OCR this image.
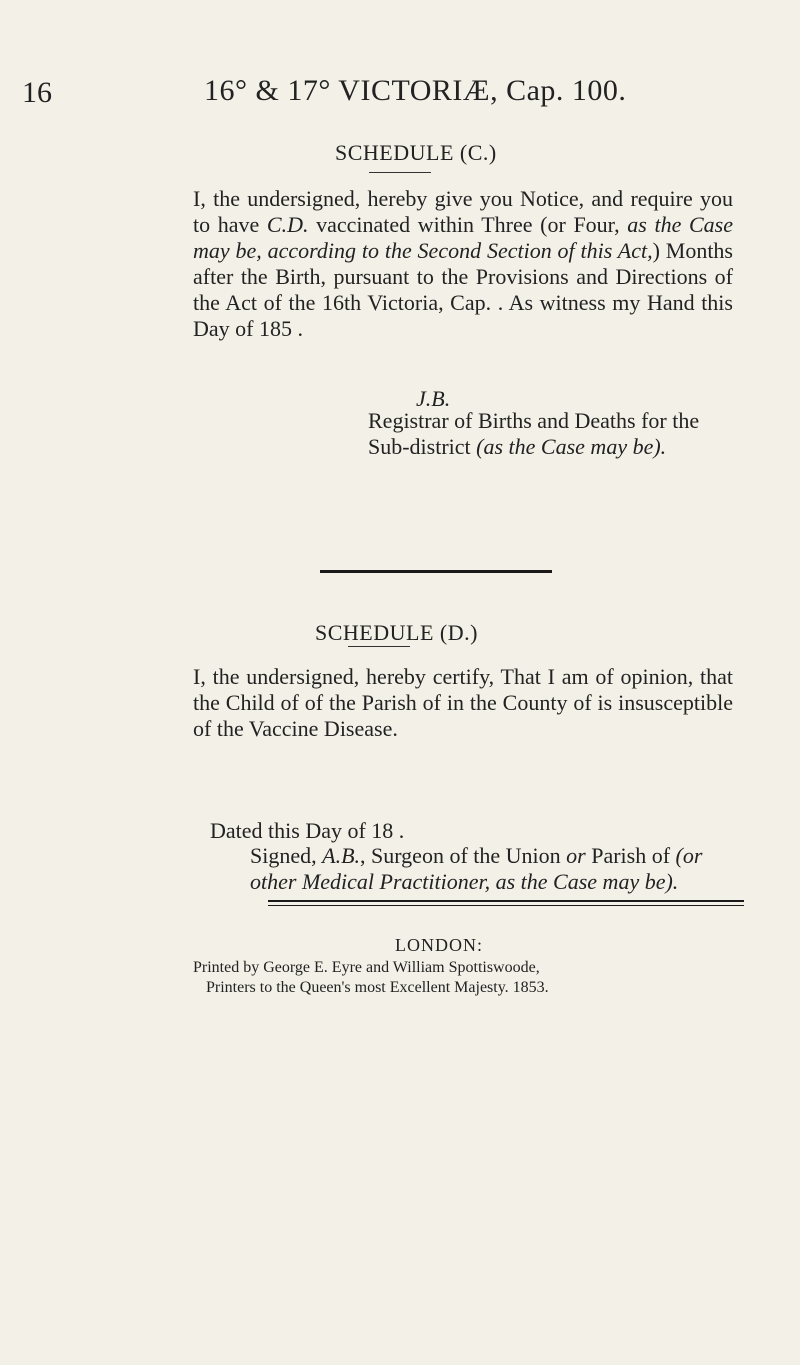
16	16° & 17° VICTORIÆ, Cap. 100.
SCHEDULE (C.)

I, the undersigned, hereby give you Notice, and require you to have C.D. vaccinated within Three (or Four, as the Case may be, according to the Second Section of this Act,) Months after the Birth, pursuant to the Provisions and Directions of the Act of the 16th Victoria, Cap. . As witness my Hand this Day of 185 .

J.B.
Registrar of Births and Deaths for the Sub-district (as the Case may be).
SCHEDULE (D.)

I, the undersigned, hereby certify, That I am of opinion, that the Child of of the Parish of in the County of is insusceptible of the Vaccine Disease.

Dated this Day of 18 .
Signed, A.B., Surgeon of the Union or Parish of (or other Medical Practitioner, as the Case may be).
LONDON:
Printed by George E. Eyre and William Spottiswoode,
Printers to the Queen's most Excellent Majesty. 1853.
